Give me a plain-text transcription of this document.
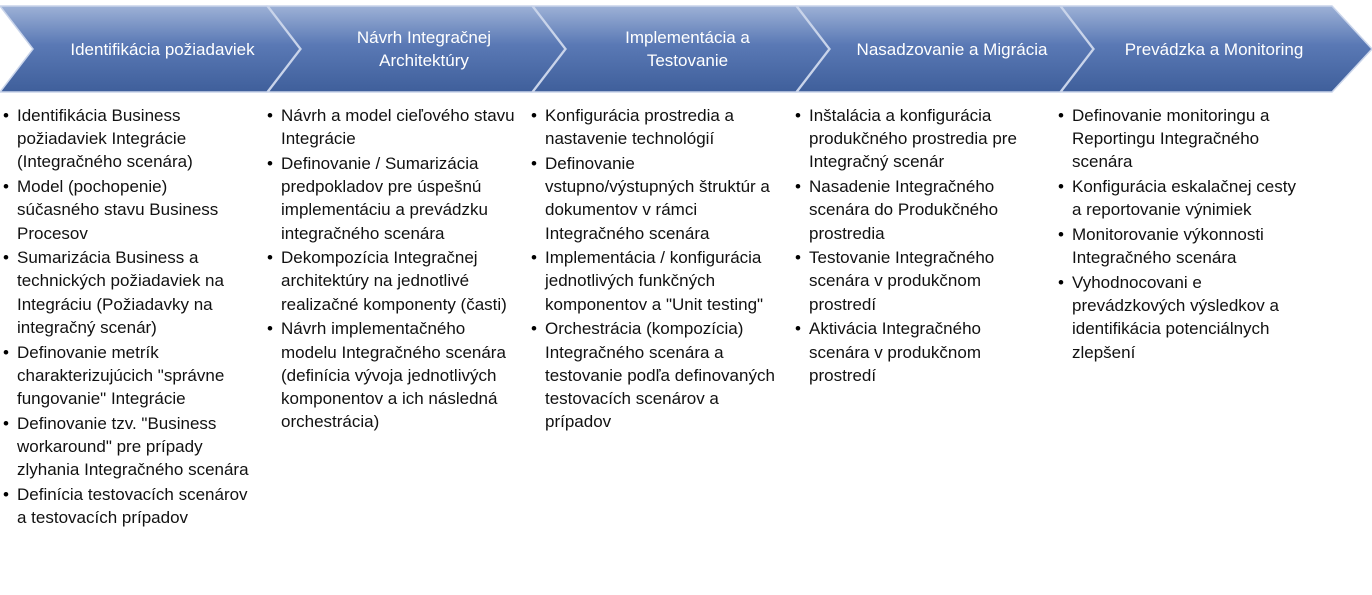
Identifikácia požiadaviek
Návrh Integračnej
Architektúry
Implementácia a
Testovanie
Nasadzovanie a Migrácia	Prevádzka a Monitoring
• Identifikácia Business požiadaviek Integrácie (Integračného scenára)
• Model (pochopenie) súčasného stavu Business Procesov
• Sumarizácia Business a technických požiadaviek na Integráciu (Požiadavky na integračný scenár)
• Definovanie metrík charakterizujúcich "správne fungovanie" Integrácie
• Definovanie tzv. "Business workaround" pre prípady zlyhania Integračného scenára
• Definícia testovacích scenárov a testovacích prípadov
• Návrh a model cieľového stavu Integrácie
• Definovanie / Sumarizácia predpokladov pre úspešnú implementáciu a prevádzku integračného scenára
• Dekompozícia Integračnej architektúry na jednotlivé realizačné komponenty (časti)
• Návrh implementačného modelu Integračného scenára (definícia vývoja jednotlivých komponentov a ich následná orchestrácia)
• Konfigurácia prostredia a nastavenie technológií
• Definovanie vstupno/výstupných štruktúr a dokumentov v rámci Integračného scenára
• Implementácia / konfigurácia jednotlivých funkčných komponentov a "Unit testing"
• Orchestrácia (kompozícia) Integračného scenára a testovanie podľa definovaných testovacích scenárov a prípadov
• Inštalácia a konfigurácia produkčného prostredia pre Integračný scenár
• Nasadenie Integračného scenára do Produkčného prostredia
• Testovanie Integračného scenára v produkčnom prostredí
• Aktivácia Integračného scenára v produkčnom prostredí
• Definovanie monitoringu a Reportingu Integračného scenára
• Konfigurácia eskalačnej cesty a reportovanie výnimiek
• Monitorovanie výkonnosti Integračného scenára
• Vyhodnocovani e prevádzkových výsledkov a identifikácia potenciálnych zlepšení
